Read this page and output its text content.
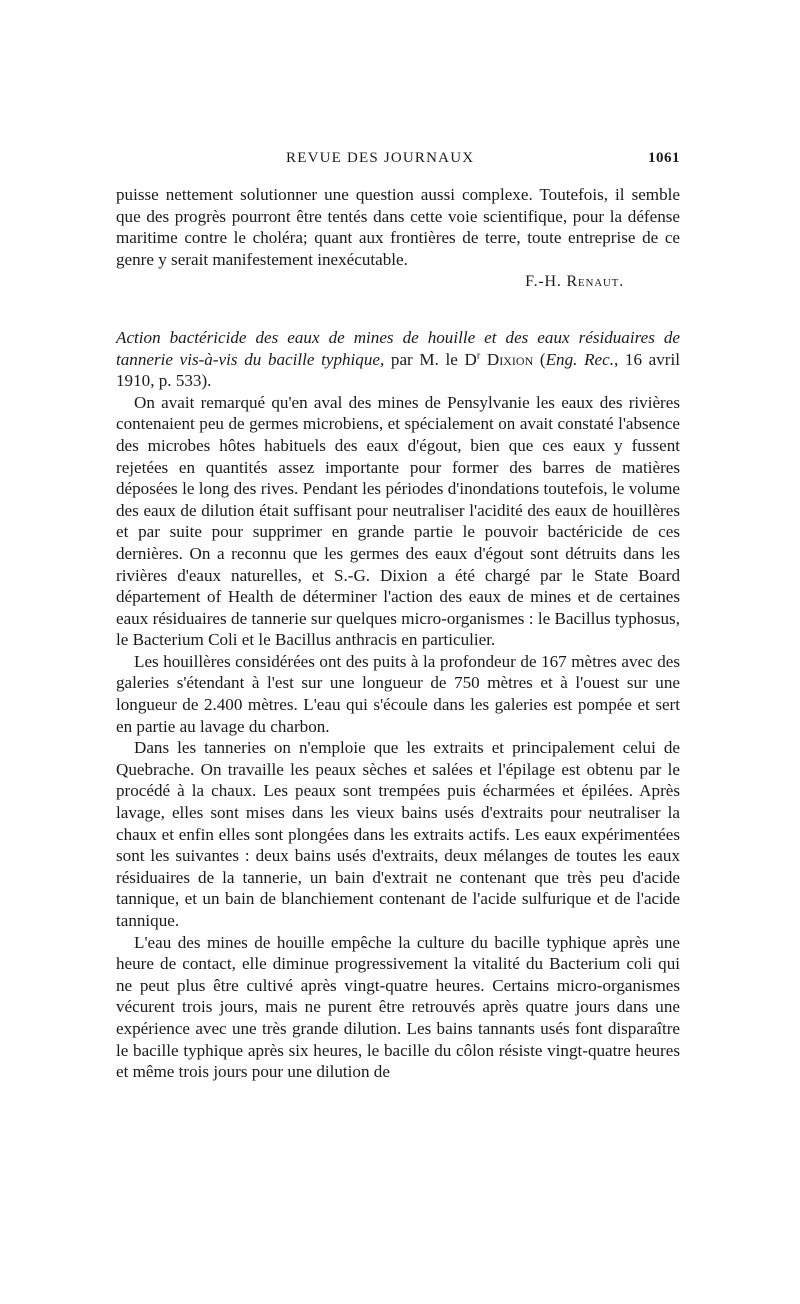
REVUE DES JOURNAUX	1061

puisse nettement solutionner une question aussi complexe. Toutefois, il semble que des progrès pourront être tentés dans cette voie scientifique, pour la défense maritime contre le choléra; quant aux frontières de terre, toute entreprise de ce genre y serait manifestement inexécutable.

F.-H. Renaut.
Action bactéricide des eaux de mines de houille et des eaux résiduaires de tannerie vis-à-vis du bacille typhique, par M. le $D^r$ Dixion (Eng. Rec., 16 avril 1910, p. 533).

On avait remarqué qu'en aval des mines de Pensylvanie les eaux des rivières contenaient peu de germes microbiens, et spécialement on avait constaté l'absence des microbes hôtes habituels des eaux d'égout, bien que ces eaux y fussent rejetées en quantités assez importante pour former des barres de matières déposées le long des rives. Pendant les périodes d'inondations toutefois, le volume des eaux de dilution était suffisant pour neutraliser l'acidité des eaux de houillères et par suite pour supprimer en grande partie le pouvoir bactéricide de ces dernières. On a reconnu que les germes des eaux d'égout sont détruits dans les rivières d'eaux naturelles, et S.-G. Dixion a été chargé par le State Board département of Health de déterminer l'action des eaux de mines et de certaines eaux résiduaires de tannerie sur quelques micro-organismes : le Bacillus typhosus, le Bacterium Coli et le Bacillus anthracis en particulier.

Les houillères considérées ont des puits à la profondeur de 167 mètres avec des galeries s'étendant à l'est sur une longueur de 750 mètres et à l'ouest sur une longueur de 2.400 mètres. L'eau qui s'écoule dans les galeries est pompée et sert en partie au lavage du charbon.

Dans les tanneries on n'emploie que les extraits et principalement celui de Quebrache. On travaille les peaux sèches et salées et l'épilage est obtenu par le procédé à la chaux. Les peaux sont trempées puis écharmées et épilées. Après lavage, elles sont mises dans les vieux bains usés d'extraits pour neutraliser la chaux et enfin elles sont plongées dans les extraits actifs. Les eaux expérimentées sont les suivantes : deux bains usés d'extraits, deux mélanges de toutes les eaux résiduaires de la tannerie, un bain d'extrait ne contenant que très peu d'acide tannique, et un bain de blanchiement contenant de l'acide sulfurique et de l'acide tannique.

L'eau des mines de houille empêche la culture du bacille typhique après une heure de contact, elle diminue progressivement la vitalité du Bacterium coli qui ne peut plus être cultivé après vingt-quatre heures. Certains micro-organismes vécurent trois jours, mais ne purent être retrouvés après quatre jours dans une expérience avec une très grande dilution. Les bains tannants usés font disparaître le bacille typhique après six heures, le bacille du côlon résiste vingt-quatre heures et même trois jours pour une dilution de
